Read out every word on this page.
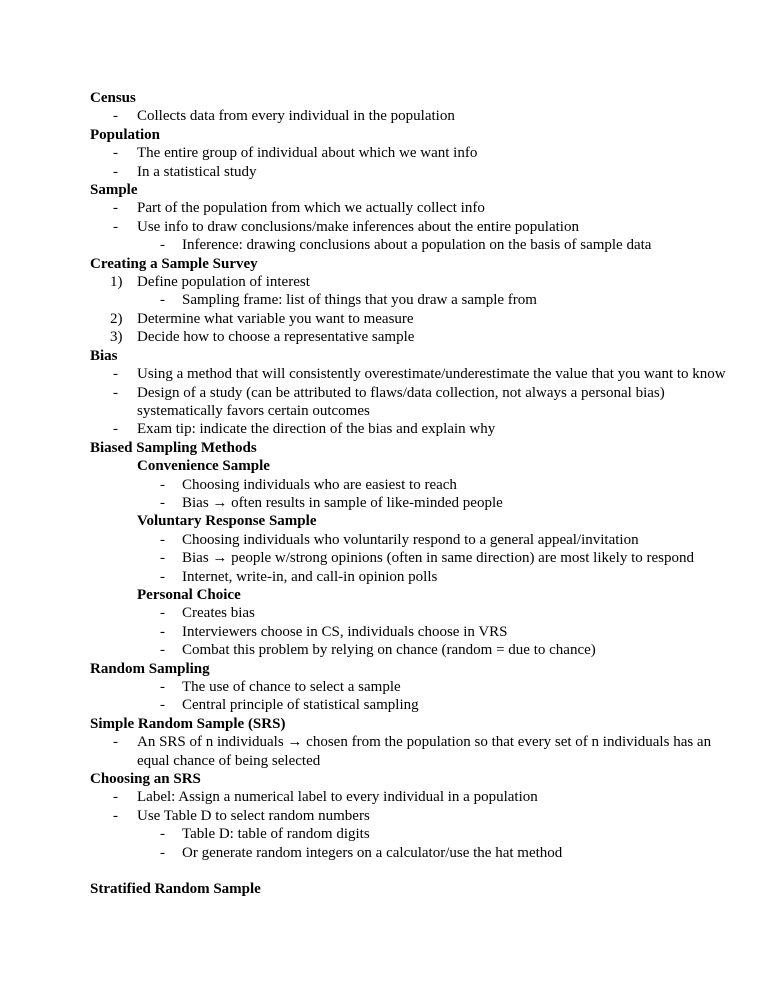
Census
- Collects data from every individual in the population
Population
- The entire group of individual about which we want info
- In a statistical study
Sample
- Part of the population from which we actually collect info
- Use info to draw conclusions/make inferences about the entire population
- Inference: drawing conclusions about a population on the basis of sample data
Creating a Sample Survey
1) Define population of interest
- Sampling frame: list of things that you draw a sample from
2) Determine what variable you want to measure
3) Decide how to choose a representative sample
Bias
- Using a method that will consistently overestimate/underestimate the value that you want to know
- Design of a study (can be attributed to flaws/data collection, not always a personal bias)
systematically favors certain outcomes
- Exam tip: indicate the direction of the bias and explain why
Biased Sampling Methods
Convenience Sample
- Choosing individuals who are easiest to reach
- Bias → often results in sample of like-minded people
Voluntary Response Sample
- Choosing individuals who voluntarily respond to a general appeal/invitation
- Bias → people w/strong opinions (often in same direction) are most likely to respond
- Internet, write-in, and call-in opinion polls
Personal Choice
- Creates bias
- Interviewers choose in CS, individuals choose in VRS
- Combat this problem by relying on chance (random = due to chance)
Random Sampling
- The use of chance to select a sample
- Central principle of statistical sampling
Simple Random Sample (SRS)
- An SRS of n individuals → chosen from the population so that every set of n individuals has an
equal chance of being selected
Choosing an SRS
- Label: Assign a numerical label to every individual in a population
- Use Table D to select random numbers
- Table D: table of random digits
- Or generate random integers on a calculator/use the hat method
Stratified Random Sample
